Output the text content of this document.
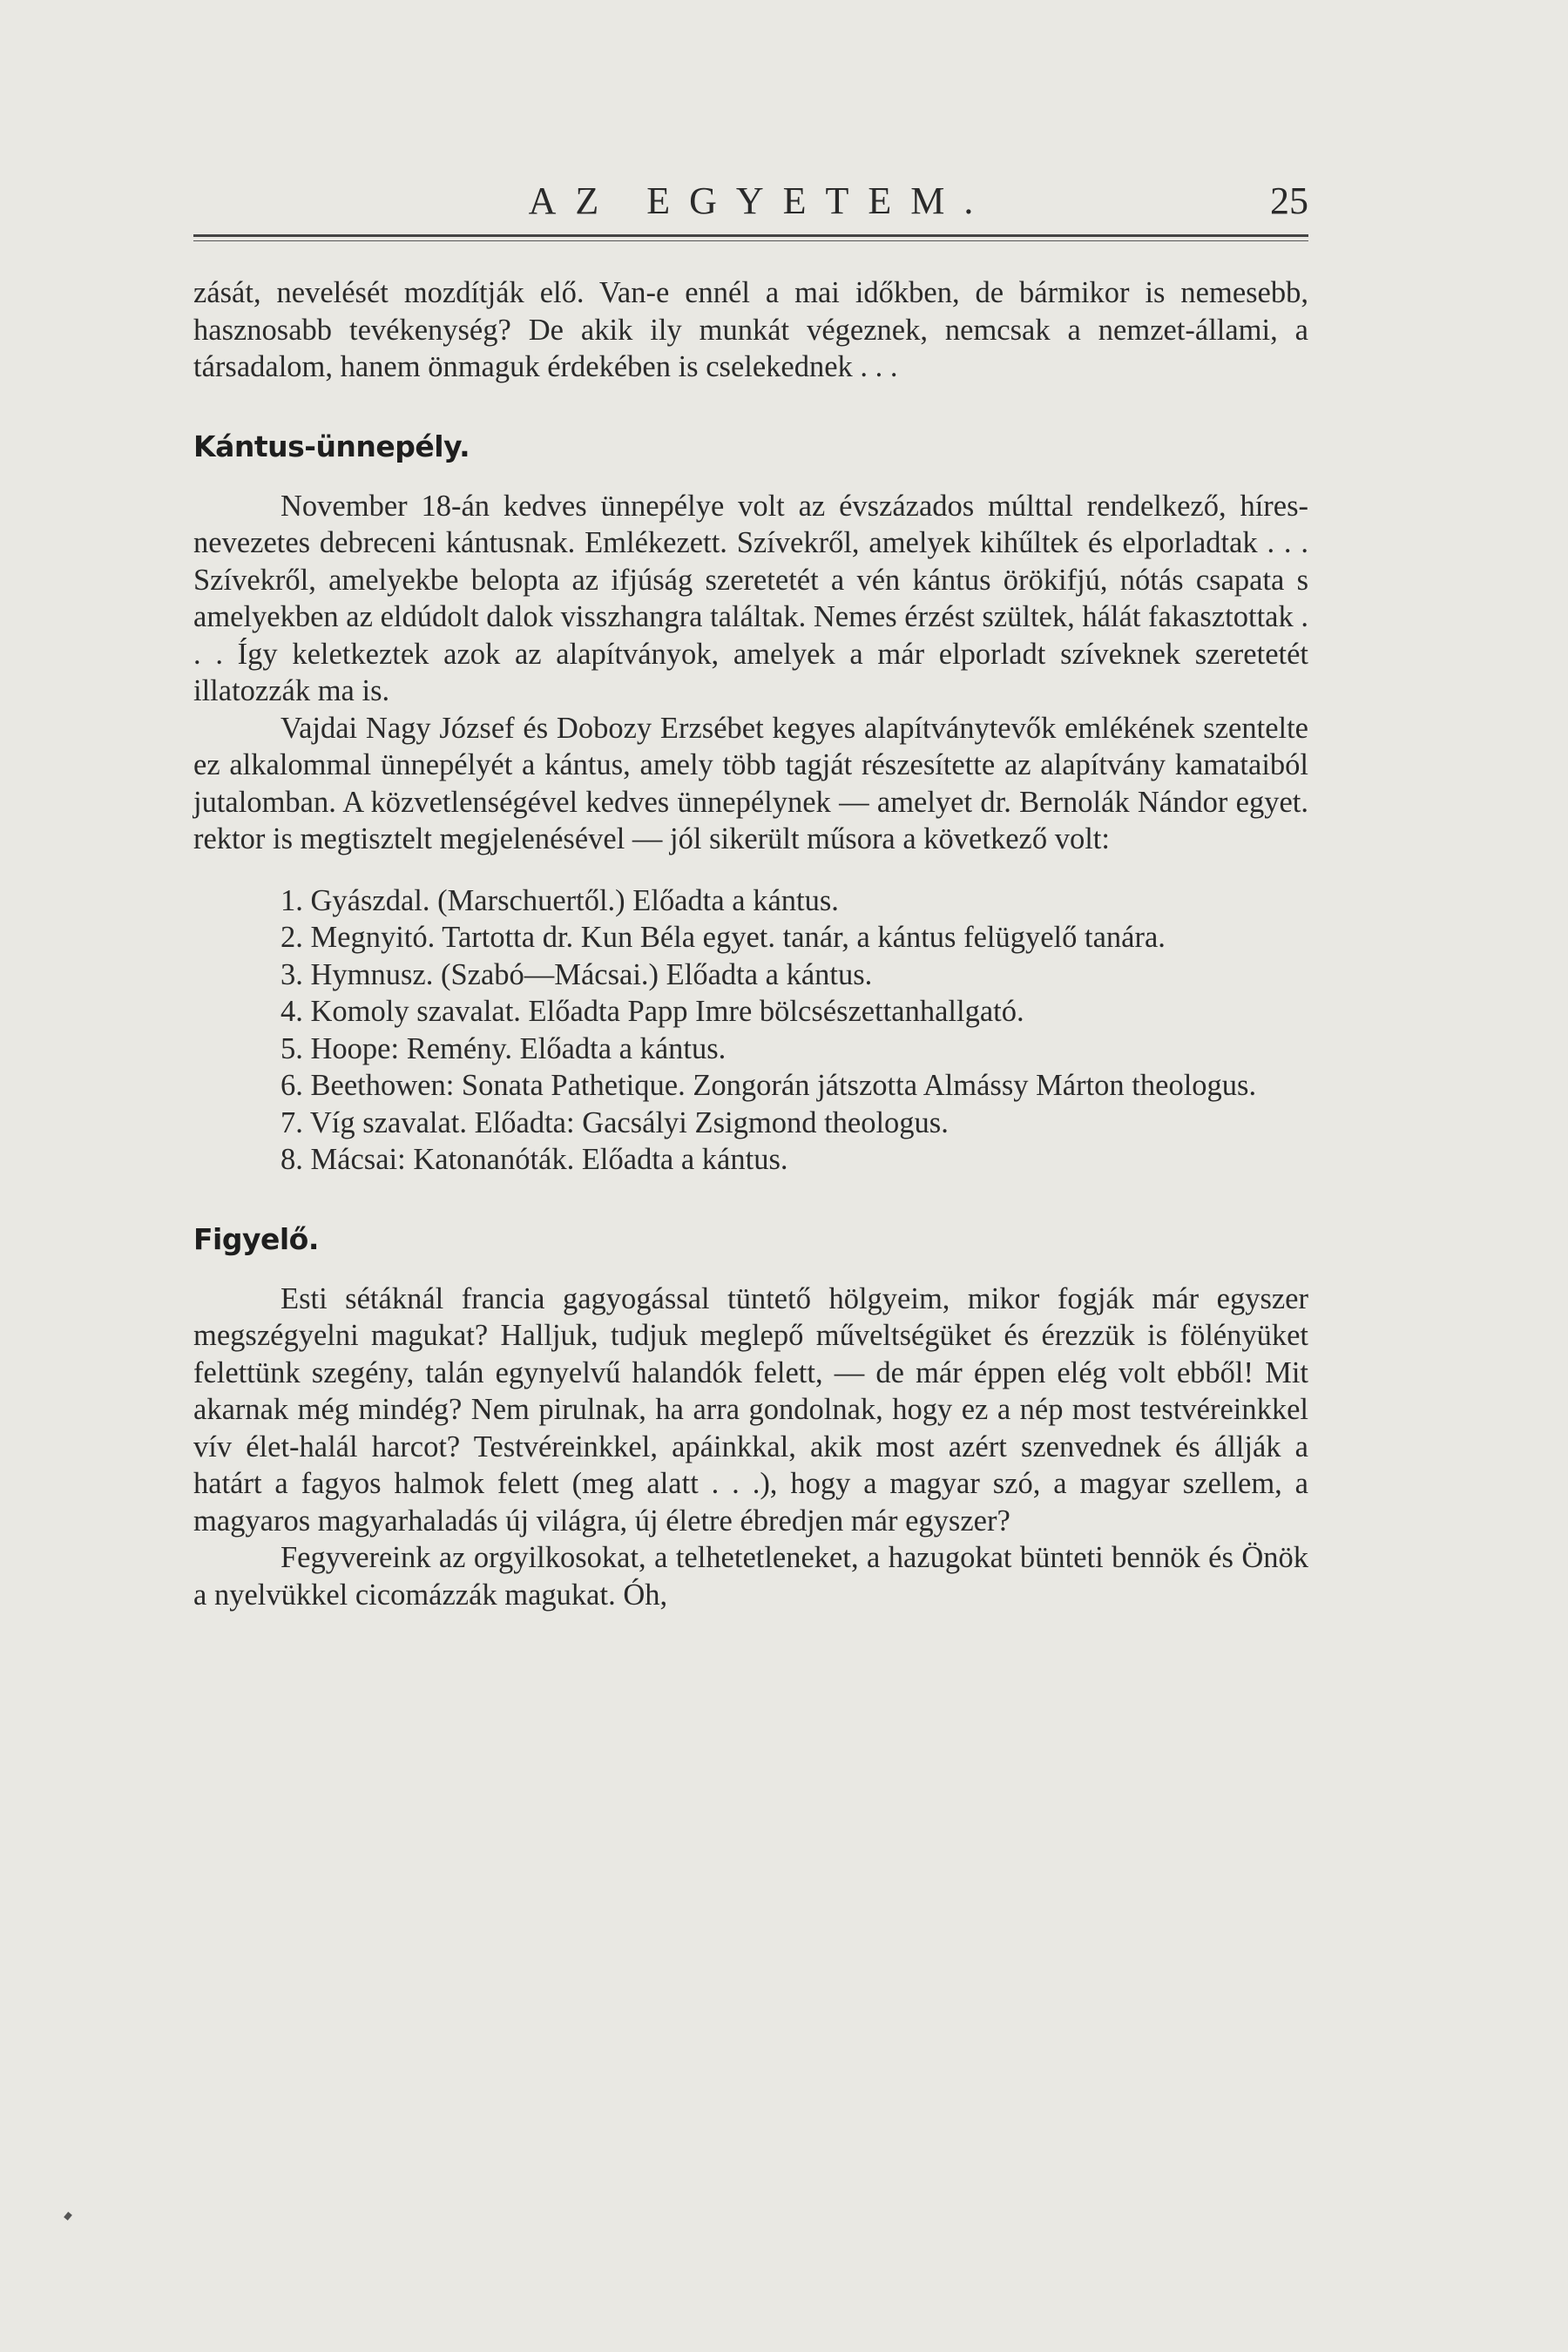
AZ EGYETEM.	25

zását, nevelését mozdítják elő. Van-e ennél a mai időkben, de bármikor is nemesebb, hasznosabb tevékenység? De akik ily munkát végeznek, nemcsak a nemzet-állami, a társadalom, hanem önmaguk érdekében is cselekednek . . .

Kántus-ünnepély.

November 18-án kedves ünnepélye volt az évszázados múlttal rendelkező, híres-nevezetes debreceni kántusnak. Emlékezett. Szívekről, amelyek kihűltek és elporladtak . . . Szívekről, amelyekbe belopta az ifjúság szeretetét a vén kántus örökifjú, nótás csapata s amelyekben az eldúdolt dalok visszhangra találtak. Nemes érzést szültek, hálát fakasztottak . . . Így keletkeztek azok az alapítványok, amelyek a már elporladt szíveknek szeretetét illatozzák ma is.

Vajdai Nagy József és Dobozy Erzsébet kegyes alapítványtevők emlékének szentelte ez alkalommal ünnepélyét a kántus, amely több tagját részesítette az alapítvány kamataiból jutalomban. A közvetlenségével kedves ünnepélynek — amelyet dr. Bernolák Nándor egyet. rektor is megtisztelt megjelenésével — jól sikerült műsora a következő volt:

1. Gyászdal. (Marschuertől.) Előadta a kántus.
2. Megnyitó. Tartotta dr. Kun Béla egyet. tanár, a kántus felügyelő tanára.
3. Hymnusz. (Szabó—Mácsai.) Előadta a kántus.
4. Komoly szavalat. Előadta Papp Imre bölcsészettanhallgató.
5. Hoope: Remény. Előadta a kántus.
6. Beethowen: Sonata Pathetique. Zongorán játszotta Almássy Márton theologus.
7. Víg szavalat. Előadta: Gacsályi Zsigmond theologus.
8. Mácsai: Katonanóták. Előadta a kántus.
Figyelő.

Esti sétáknál francia gagyogással tüntető hölgyeim, mikor fogják már egyszer megszégyelni magukat? Halljuk, tudjuk meglepő műveltségüket és érezzük is fölényüket felettünk szegény, talán egynyelvű halandók felett, — de már éppen elég volt ebből! Mit akarnak még mindég? Nem pirulnak, ha arra gondolnak, hogy ez a nép most testvéreinkkel vív élet-halál harcot? Testvéreinkkel, apáinkkal, akik most azért szenvednek és állják a határt a fagyos halmok felett (meg alatt . . .), hogy a magyar szó, a magyar szellem, a magyaros magyarhaladás új világra, új életre ébredjen már egyszer?

Fegyvereink az orgyilkosokat, a telhetetleneket, a hazugokat bünteti bennök és Önök a nyelvükkel cicomázzák magukat. Óh,
